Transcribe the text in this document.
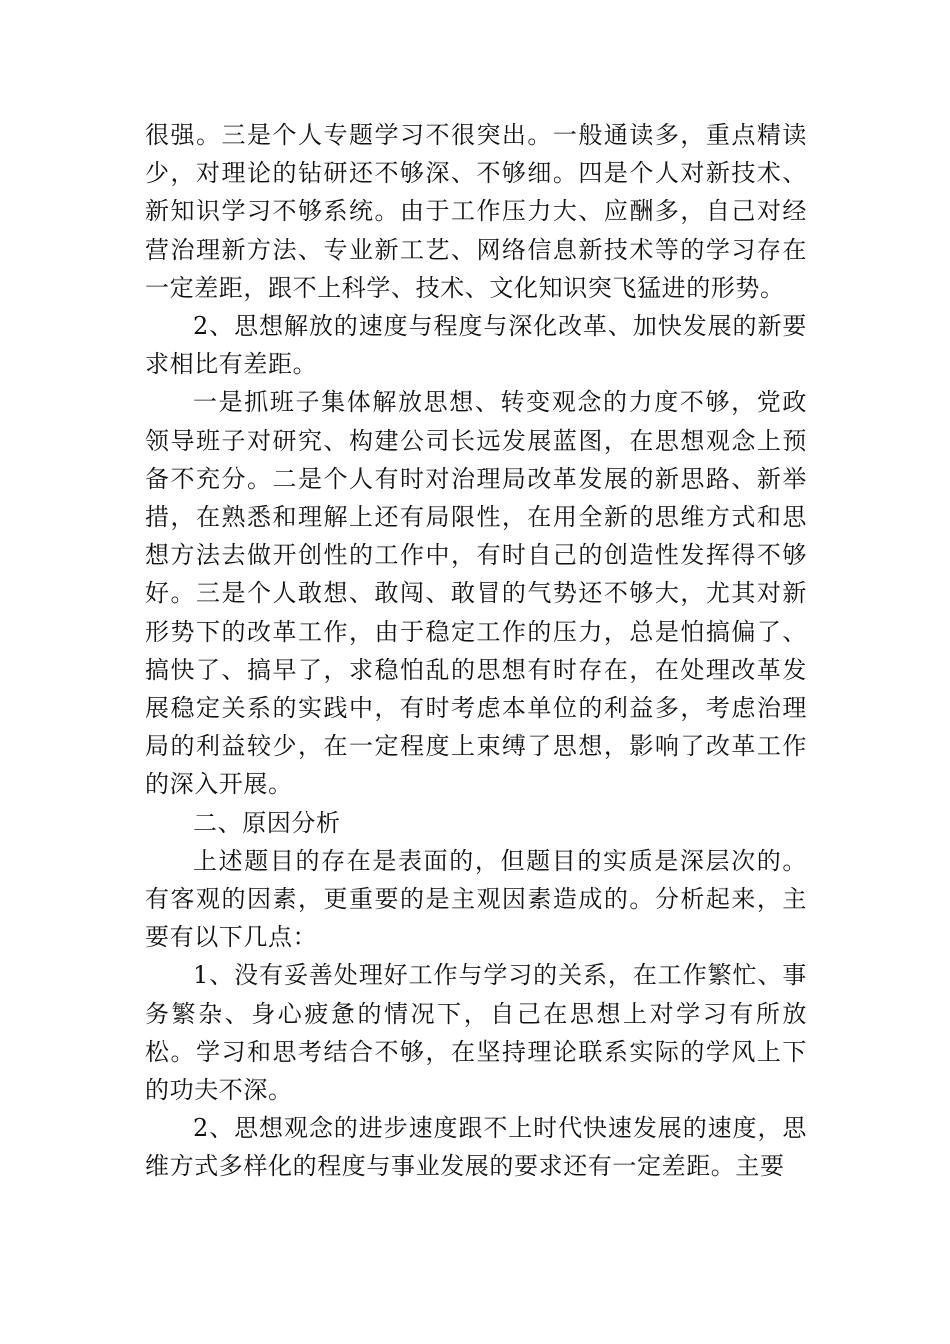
很强。三是个人专题学习不很突出。一般通读多，重点精读少，对理论的钻研还不够深、不够细。四是个人对新技术、新知识学习不够系统。由于工作压力大、应酬多，自己对经营治理新方法、专业新工艺、网络信息新技术等的学习存在一定差距，跟不上科学、技术、文化知识突飞猛进的形势。

2、思想解放的速度与程度与深化改革、加快发展的新要求相比有差距。

一是抓班子集体解放思想、转变观念的力度不够，党政领导班子对研究、构建公司长远发展蓝图，在思想观念上预备不充分。二是个人有时对治理局改革发展的新思路、新举措，在熟悉和理解上还有局限性，在用全新的思维方式和思想方法去做开创性的工作中，有时自己的创造性发挥得不够好。三是个人敢想、敢闯、敢冒的气势还不够大，尤其对新形势下的改革工作，由于稳定工作的压力，总是怕搞偏了、搞快了、搞早了，求稳怕乱的思想有时存在，在处理改革发展稳定关系的实践中，有时考虑本单位的利益多，考虑治理局的利益较少，在一定程度上束缚了思想，影响了改革工作的深入开展。

二、原因分析

上述题目的存在是表面的，但题目的实质是深层次的。有客观的因素，更重要的是主观因素造成的。分析起来，主要有以下几点：

1、没有妥善处理好工作与学习的关系，在工作繁忙、事务繁杂、身心疲惫的情况下，自己在思想上对学习有所放松。学习和思考结合不够，在坚持理论联系实际的学风上下的功夫不深。

2、思想观念的进步速度跟不上时代快速发展的速度，思维方式多样化的程度与事业发展的要求还有一定差距。主要
